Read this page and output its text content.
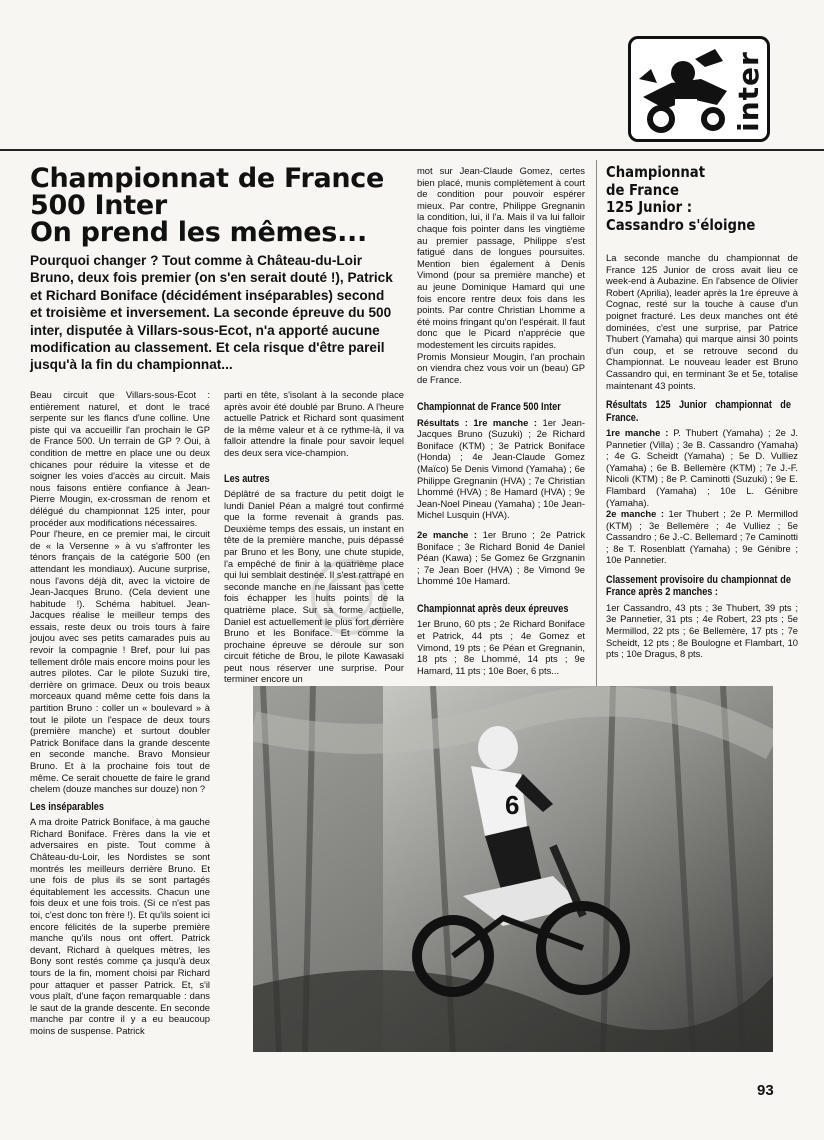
inter
Championnat de France
500 Inter
On prend les mêmes...

Pourquoi changer ? Tout comme à Château-du-Loir Bruno, deux fois premier (on s'en serait douté !), Patrick et Richard Boniface (décidément inséparables) second et troisième et inversement. La seconde épreuve du 500 inter, disputée à Villars-sous-Ecot, n'a apporté aucune modification au classement. Et cela risque d'être pareil jusqu'à la fin du championnat...

Beau circuit que Villars-sous-Ecot : entièrement naturel, et dont le tracé serpente sur les flancs d'une colline. Une piste qui va accueillir l'an prochain le GP de France 500. Un terrain de GP ? Oui, à condition de mettre en place une ou deux chicanes pour réduire la vitesse et de soigner les voies d'accès au circuit. Mais nous faisons entière confiance à Jean-Pierre Mougin, ex-crossman de renom et délégué du championnat 125 inter, pour procéder aux modifications nécessaires.

Pour l'heure, en ce premier mai, le circuit de « la Versenne » à vu s'affronter les ténors français de la catégorie 500 (en attendant les mondiaux). Aucune surprise, nous l'avons déjà dit, avec la victoire de Jean-Jacques Bruno. (Cela devient une habitude !). Schéma habituel. Jean-Jacques réalise le meilleur temps des essais, reste deux ou trois tours à faire joujou avec ses petits camarades puis au revoir la compagnie ! Bref, pour lui pas tellement drôle mais encore moins pour les autres pilotes. Car le pilote Suzuki tire, derrière on grimace. Deux ou trois beaux morceaux quand même cette fois dans la partition Bruno : coller un « boulevard » à tout le pilote un l'espace de deux tours (première manche) et surtout doubler Patrick Boniface dans la grande descente en seconde manche. Bravo Monsieur Bruno. Et à la prochaine fois tout de même. Ce serait chouette de faire le grand chelem (douze manches sur douze) non ?

Les inséparables

A ma droite Patrick Boniface, à ma gauche Richard Boniface. Frères dans la vie et adversaires en piste. Tout comme à Château-du-Loir, les Nordistes se sont montrés les meilleurs derrière Bruno. Et une fois de plus ils se sont partagés équitablement les accessits. Chacun une fois deux et une fois trois. (Si ce n'est pas toi, c'est donc ton frère !). Et qu'ils soient ici encore félicités de la superbe première manche qu'ils nous ont offert. Patrick devant, Richard à quelques mètres, les Bony sont restés comme ça jusqu'à deux tours de la fin, moment choisi par Richard pour attaquer et passer Patrick. Et, s'il vous plaît, d'une façon remarquable : dans le saut de la grande descente. En seconde manche par contre il y a eu beaucoup moins de suspense. Patrick

parti en tête, s'isolant à la seconde place après avoir été doublé par Bruno. A l'heure actuelle Patrick et Richard sont quasiment de la même valeur et à ce rythme-là, il va falloir attendre la finale pour savoir lequel des deux sera vice-champion.

Les autres

Déplâtré de sa fracture du petit doigt le lundi Daniel Péan a malgré tout confirmé que la forme revenait à grands pas. Deuxième temps des essais, un instant en tête de la première manche, puis dépassé par Bruno et les Bony, une chute stupide, l'a empêché de finir à la quatrième place qui lui semblait destinée. Il s'est rattrapé en seconde manche en ne laissant pas cette fois échapper les huits points de la quatrième place. Sur sa forme actuelle, Daniel est actuellement le plus fort derrière Bruno et les Boniface. Et comme la prochaine épreuve se déroule sur son circuit fétiche de Brou, le pilote Kawasaki peut nous réserver une surprise. Pour terminer encore un

mot sur Jean-Claude Gomez, certes bien placé, munis complètement à court de condition pour pouvoir espérer mieux. Par contre, Philippe Gregnanin la condition, lui, il l'a. Mais il va lui falloir chaque fois pointer dans les vingtième au premier passage, Philippe s'est fatigué dans de longues poursuites. Mention bien également à Denis Vimond (pour sa première manche) et au jeune Dominique Hamard qui une fois encore rentre deux fois dans les points. Par contre Christian Lhomme a été moins fringant qu'on l'espérait. Il faut donc que le Picard n'apprécie que modestement les circuits rapides.

Promis Monsieur Mougin, l'an prochain on viendra chez vous voir un (beau) GP de France.

Championnat de France 500 Inter

Résultats : 1re manche : 1er Jean-Jacques Bruno (Suzuki) ; 2e Richard Boniface (KTM) ; 3e Patrick Boniface (Honda) ; 4e Jean-Claude Gomez (Maïco) 5e Denis Vimond (Yamaha) ; 6e Philippe Gregnanin (HVA) ; 7e Christian Lhommé (HVA) ; 8e Hamard (HVA) ; 9e Jean-Noel Pineau (Yamaha) ; 10e Jean-Michel Lusquin (HVA).

2e manche : 1er Bruno ; 2e Patrick Boniface ; 3e Richard Bonid 4e Daniel Péan (Kawa) ; 5e Gomez 6e Grzgnanin ; 7e Jean Boer (HVA) ; 8e Vimond 9e Lhommé 10e Hamard.

Championnat après deux épreuves

1er Bruno, 60 pts ; 2e Richard Boniface et Patrick, 44 pts ; 4e Gomez et Vimond, 19 pts ; 6e Péan et Gregnanin, 18 pts ; 8e Lhommé, 14 pts ; 9e Hamard, 11 pts ; 10e Boer, 6 pts...

Championnat
de France
125 Junior :
Cassandro s'éloigne

La seconde manche du championnat de France 125 Junior de cross avait lieu ce week-end à Aubazine. En l'absence de Olivier Robert (Aprilia), leader après la 1re épreuve à Cognac, resté sur la touche à cause d'un poignet fracturé. Les deux manches ont été dominées, c'est une surprise, par Patrice Thubert (Yamaha) qui marque ainsi 30 points d'un coup, et se retrouve second du Championnat. Le nouveau leader est Bruno Cassandro qui, en terminant 3e et 5e, totalise maintenant 43 points.

Résultats 125 Junior championnat de France.

1re manche : P. Thubert (Yamaha) ; 2e J. Pannetier (Villa) ; 3e B. Cassandro (Yamaha) ; 4e G. Scheidt (Yamaha) ; 5e D. Vulliez (Yamaha) ; 6e B. Bellemère (KTM) ; 7e J.-F. Nicoli (KTM) ; 8e P. Caminotti (Suzuki) ; 9e E. Flambard (Yamaha) ; 10e L. Génibre (Yamaha).

2e manche : 1er Thubert ; 2e P. Mermillod (KTM) ; 3e Bellemère ; 4e Vulliez ; 5e Cassandro ; 6e J.-C. Bellemard ; 7e Caminotti ; 8e T. Rosenblatt (Yamaha) ; 9e Génibre ; 10e Pannetier.

Classement provisoire du championnat de France après 2 manches :

1er Cassandro, 43 pts ; 3e Thubert, 39 pts ; 3e Pannetier, 31 pts ; 4e Robert, 23 pts ; 5e Mermillod, 22 pts ; 6e Bellemère, 17 pts ; 7e Scheidt, 12 pts ; 8e Boulogne et Flambart, 10 pts ; 10e Dragus, 8 pts.

6
93
